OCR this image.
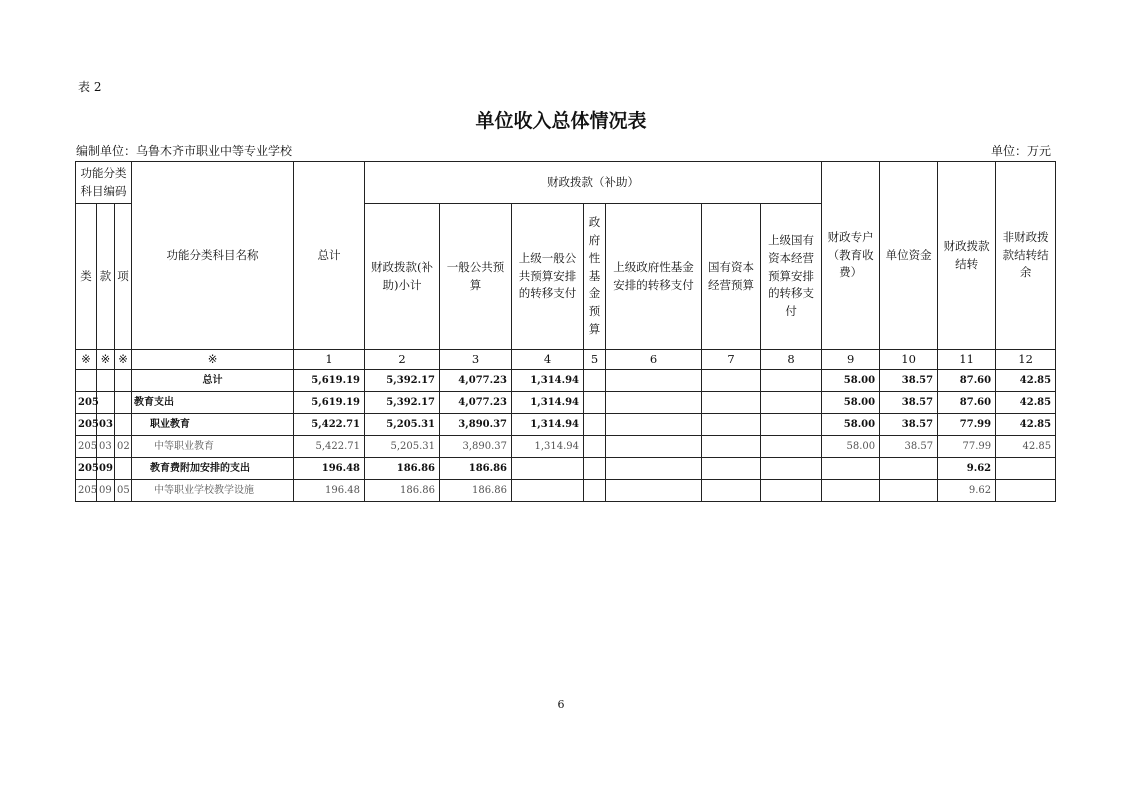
表 2
单位收入总体情况表
编制单位：乌鲁木齐市职业中等专业学校	单位：万元
功能分类科目编码			功能分类科目名称	总计	财政拨款（补助）							财政专户（教育收费）	单位资金	财政拨款结转	非财政拨款结转结余
类	款	项			财政拨款(补助)小计	一般公共预算	上级一般公共预算安排的转移支付	政府性基金预算	上级政府性基金安排的转移支付	国有资本经营预算	上级国有资本经营预算安排的转移支付				
※	※	※	※	1	2	3	4	5	6	7	8	9	10	11	12
			总计	5,619.19	5,392.17	4,077.23	1,314.94					58.00	38.57	87.60	42.85
205			教育支出	5,619.19	5,392.17	4,077.23	1,314.94					58.00	38.57	87.60	42.85
205	03		职业教育	5,422.71	5,205.31	3,890.37	1,314.94					58.00	38.57	77.99	42.85
205	03	02	中等职业教育	5,422.71	5,205.31	3,890.37	1,314.94					58.00	38.57	77.99	42.85
205	09		教育费附加安排的支出	196.48	186.86	186.86								9.62	
205	09	05	中等职业学校教学设施	196.48	186.86	186.86								9.62	
6
